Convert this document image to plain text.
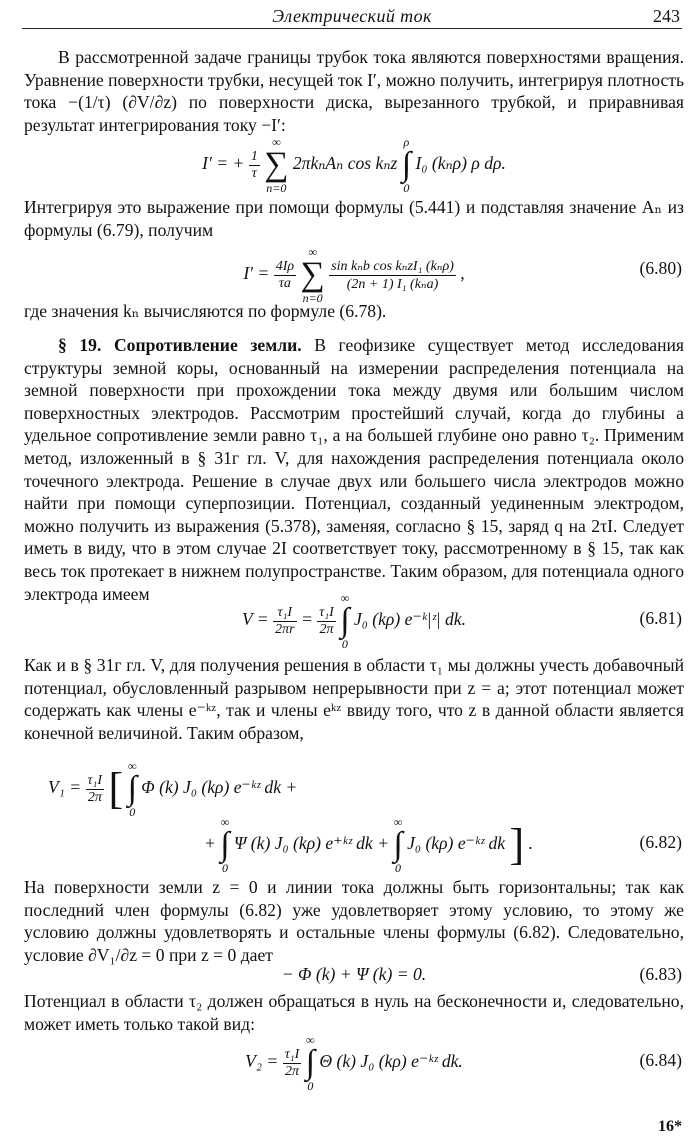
Электрический ток	243

В рассмотренной задаче границы трубок тока являются поверхностями вращения. Уравнение поверхности трубки, несущей ток I′, можно получить, интегрируя плотность тока −(1/τ) (∂V/∂z) по поверхности диска, вырезанного трубкой, и приравнивая результат интегрирования току −I′:

I′ = + $\frac{1}{\tau}$

∞
∑
n=0
2πkₙAₙ cos kₙz
ρ
∫
0
I₀ (kₙρ) ρ dρ.

Интегрируя это выражение при помощи формулы (5.441) и подставляя значение Aₙ из формулы (6.79), получим

$I' = \frac{4I\rho}{\tau a}$

∞
∑
n=0

$\frac{\text{sin kₙb cos kₙzI₁ (kₙρ)}}{\text{(2n + 1) I₁ (kₙa)}}$ ,	(6.80)

где значения kₙ вычисляются по формуле (6.78).

§ 19. Сопротивление земли. В геофизике существует метод исследования структуры земной коры, основанный на измерении распределения потенциала на земной поверхности при прохождении тока между двумя или большим числом поверхностных электродов. Рассмотрим простейший случай, когда до глубины a удельное сопротивление земли равно τ₁, а на большей глубине оно равно τ₂. Применим метод, изложенный в § 31г гл. V, для нахождения распределения потенциала около точечного электрода. Решение в случае двух или большего числа электродов можно найти при помощи суперпозиции. Потенциал, созданный уединенным электродом, можно получить из выражения (5.378), заменяя, согласно § 15, заряд q на 2τI. Следует иметь в виду, что в этом случае 2I соответствует току, рассмотренному в § 15, так как весь ток протекает в нижнем полупространстве. Таким образом, для потенциала одного электрода имеем

$V = \frac{\text{τ₁I}}{2\pi r} = \frac{\text{τ₁I}}{2\pi}$

∞
∫
0
J₀ (kρ) e⁻ᵏ|ᶻ| dk.	(6.81)

Как и в § 31г гл. V, для получения решения в области τ₁ мы должны учесть добавочный потенциал, обусловленный разрывом непрерывности при z = a; этот потенциал может содержать как члены e⁻ᵏᶻ, так и члены eᵏᶻ ввиду того, что z в данной области является конечной величиной. Таким образом,

$V_1 = \frac{\text{τ₁I}}{2\pi}$ [ ∞
∫
0
Φ (k) J₀ (kρ) e⁻ᵏᶻ dk +
+
∞
∫
0
Ψ (k) J₀ (kρ) e⁺ᵏᶻ dk +
∞
∫
0
J₀ (kρ) e⁻ᵏᶻ dk ] .	(6.82)

На поверхности земли z = 0 и линии тока должны быть горизонтальны; так как последний член формулы (6.82) уже удовлетворяет этому условию, то этому же условию должны удовлетворять и остальные члены формулы (6.82). Следовательно, условие ∂V₁/∂z = 0 при z = 0 дает

− Φ (k) + Ψ (k) = 0.	(6.83)

Потенциал в области τ₂ должен обращаться в нуль на бесконечности и, следовательно, может иметь только такой вид:

$V_2 = \frac{\text{τ₁I}}{2\pi}$

∞
∫
0
Θ (k) J₀ (kρ) e⁻ᵏᶻ dk.	(6.84)
16*
